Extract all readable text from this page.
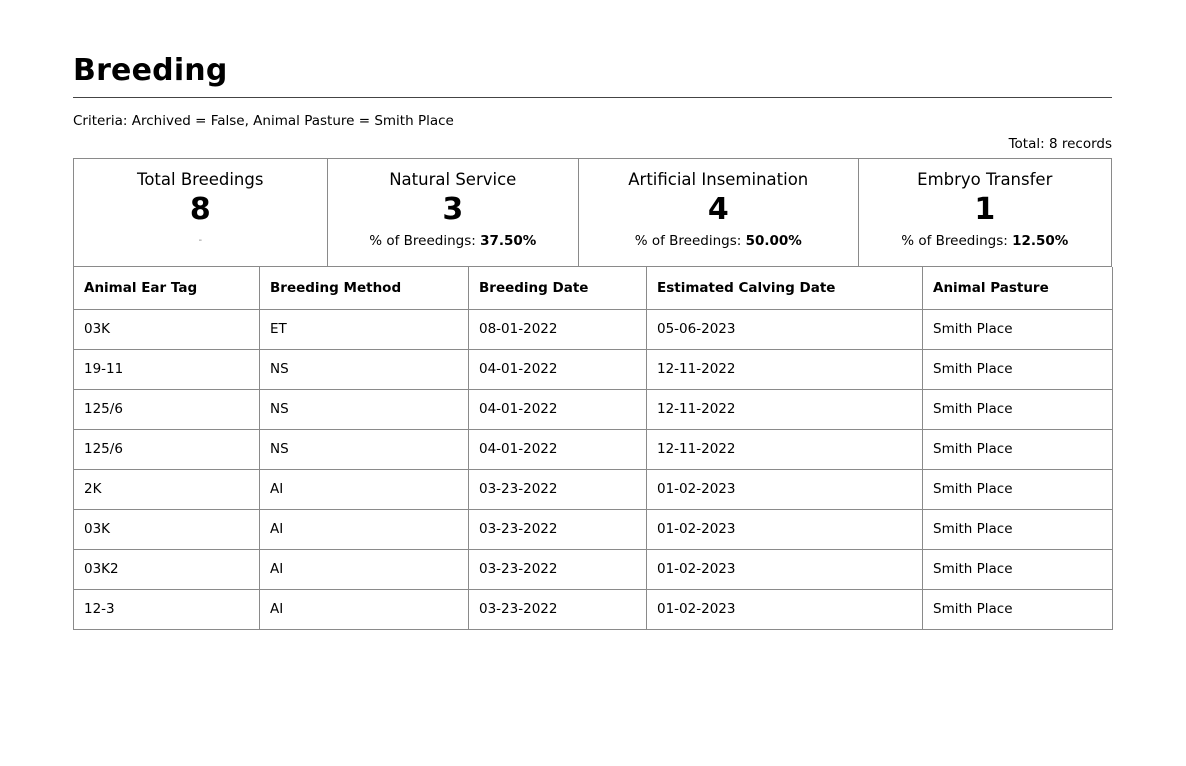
Breeding
Criteria: Archived = False, Animal Pasture = Smith Place
Total: 8 records
Total Breedings
8
-
Natural Service
3
% of Breedings: 37.50%
Artificial Insemination
4
% of Breedings: 50.00%
Embryo Transfer
1
% of Breedings: 12.50%
Animal Ear Tag	Breeding Method	Breeding Date	Estimated Calving Date	Animal Pasture
03K	ET	08-01-2022	05-06-2023	Smith Place
19-11	NS	04-01-2022	12-11-2022	Smith Place
125/6	NS	04-01-2022	12-11-2022	Smith Place
125/6	NS	04-01-2022	12-11-2022	Smith Place
2K	AI	03-23-2022	01-02-2023	Smith Place
03K	AI	03-23-2022	01-02-2023	Smith Place
03K2	AI	03-23-2022	01-02-2023	Smith Place
12-3	AI	03-23-2022	01-02-2023	Smith Place
